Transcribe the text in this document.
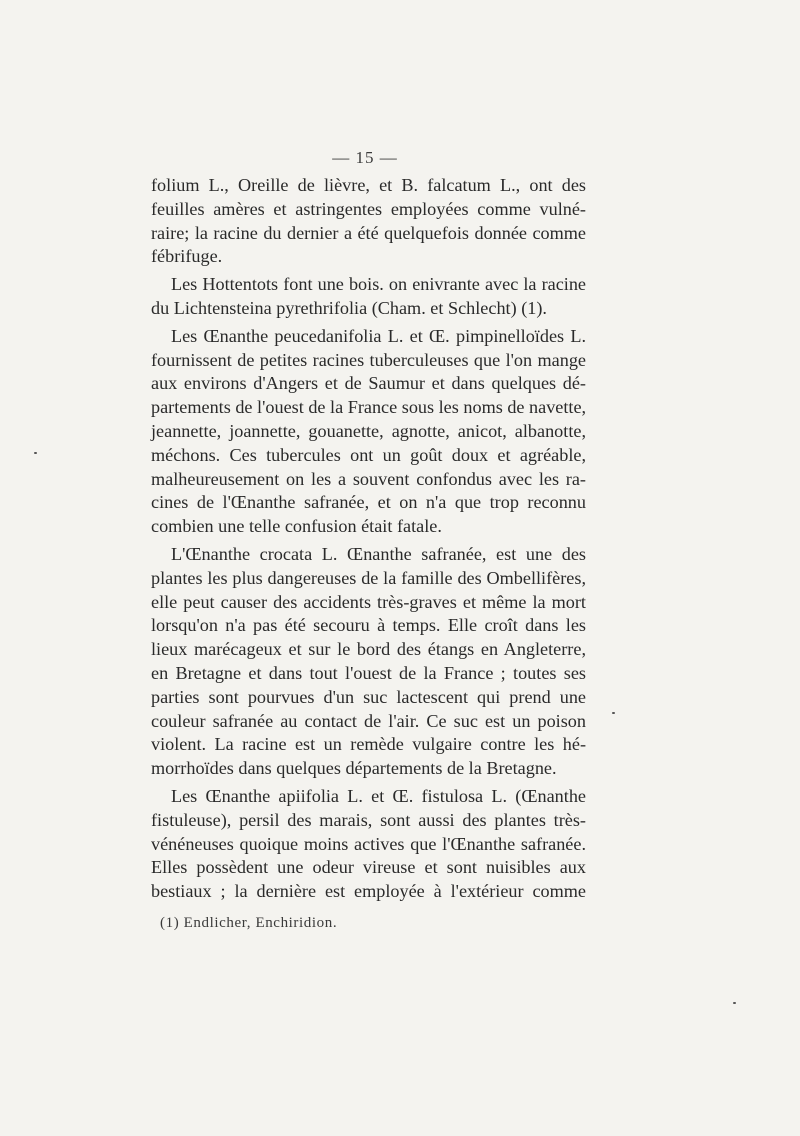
— 15 —
folium L., Oreille de lièvre, et B. falcatum L., ont des
feuilles amères et astringentes employées comme vulné-
raire; la racine du dernier a été quelquefois donnée comme
fébrifuge.
Les Hottentots font une bois. on enivrante avec la racine
du Lichtensteina pyrethrifolia (Cham. et Schlecht) (1).
Les Œnanthe peucedanifolia L. et Œ. pimpinelloïdes L.
fournissent de petites racines tuberculeuses que l'on mange
aux environs d'Angers et de Saumur et dans quelques dé-
partements de l'ouest de la France sous les noms de navette,
jeannette, joannette, gouanette, agnotte, anicot, albanotte,
méchons. Ces tubercules ont un goût doux et agréable,
malheureusement on les a souvent confondus avec les ra-
cines de l'Œnanthe safranée, et on n'a que trop reconnu
combien une telle confusion était fatale.
L'Œnanthe crocata L. Œnanthe safranée, est une des
plantes les plus dangereuses de la famille des Ombellifères,
elle peut causer des accidents très-graves et même la mort
lorsqu'on n'a pas été secouru à temps. Elle croît dans les
lieux marécageux et sur le bord des étangs en Angleterre,
en Bretagne et dans tout l'ouest de la France ; toutes ses
parties sont pourvues d'un suc lactescent qui prend une
couleur safranée au contact de l'air. Ce suc est un poison
violent. La racine est un remède vulgaire contre les hé-
morrhoïdes dans quelques départements de la Bretagne.
Les Œnanthe apiifolia L. et Œ. fistulosa L. (Œnanthe
fistuleuse), persil des marais, sont aussi des plantes très-
vénéneuses quoique moins actives que l'Œnanthe safranée.
Elles possèdent une odeur vireuse et sont nuisibles aux
bestiaux ; la dernière est employée à l'extérieur comme
(1) Endlicher, Enchiridion.
